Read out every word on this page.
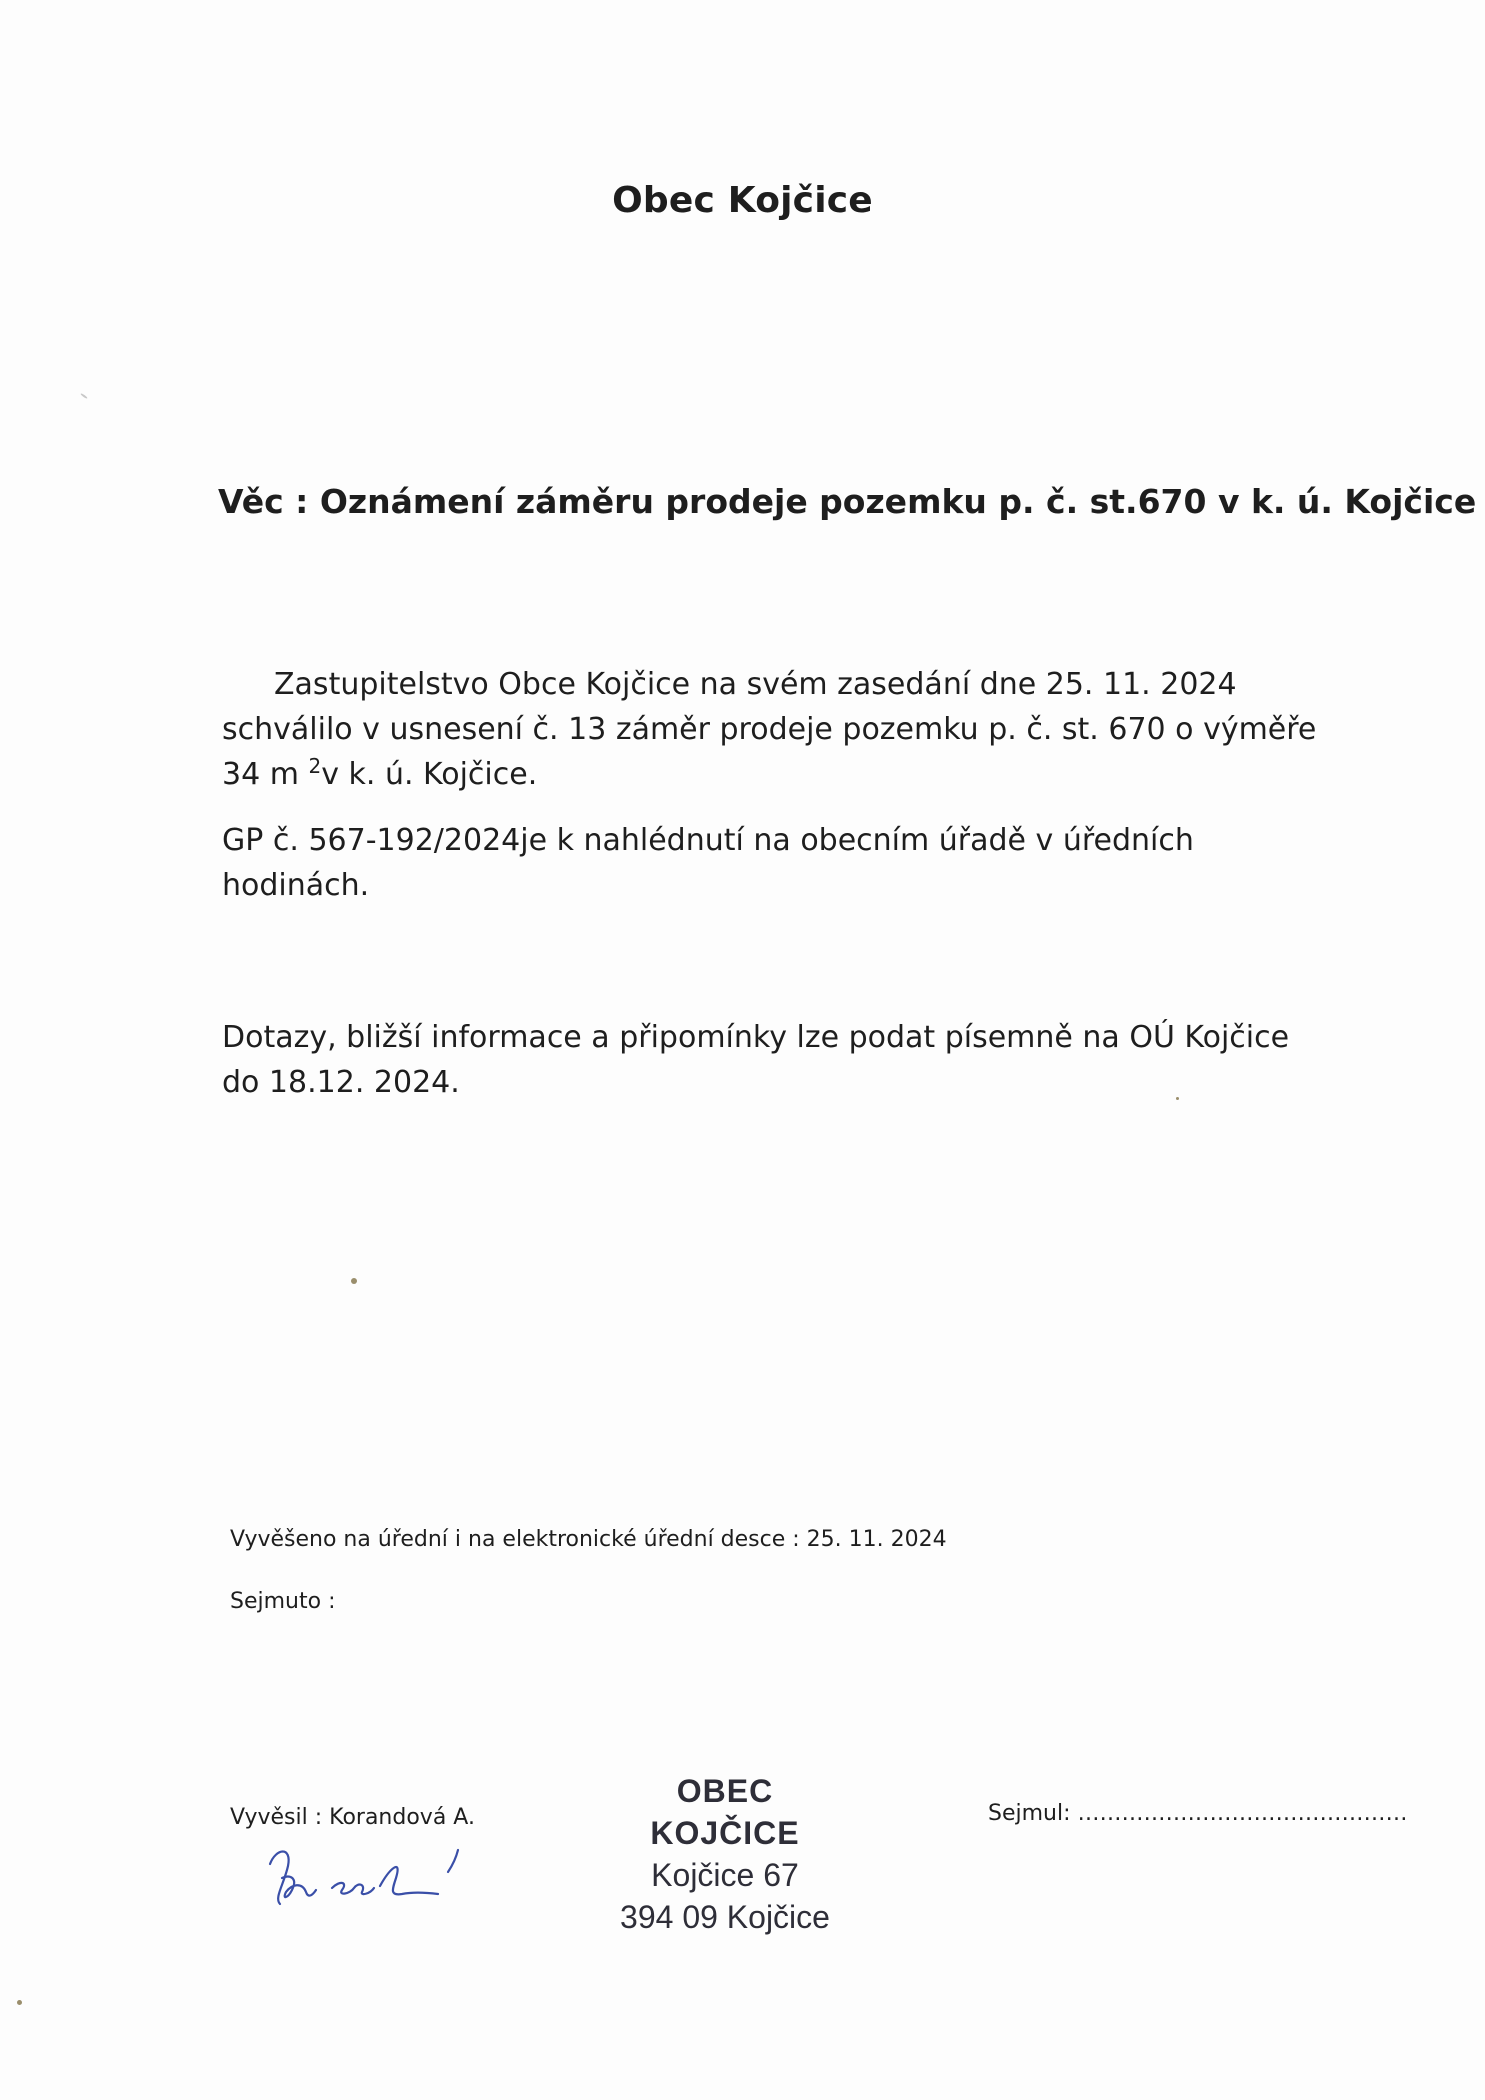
Obec Kojčice
Věc : Oznámení záměru prodeje pozemku p. č. st.670 v k. ú. Kojčice
Zastupitelstvo Obce Kojčice na svém zasedání dne 25. 11. 2024 schválilo v usnesení č. 13 záměr prodeje pozemku p. č. st. 670 o výměře 34 m $^2$v k. ú. Kojčice.
GP č. 567-192/2024je k nahlédnutí na obecním úřadě v úředních hodinách.
Dotazy, bližší informace a připomínky lze podat písemně na OÚ Kojčice do 18.12. 2024.
Vyvěšeno na úřední i na elektronické úřední desce : 25. 11. 2024
Sejmuto :
Vyvěsil : Korandová A.
OBEC KOJČICE
Kojčice 67
394 09 Kojčice
Sejmul: ………………………………………
